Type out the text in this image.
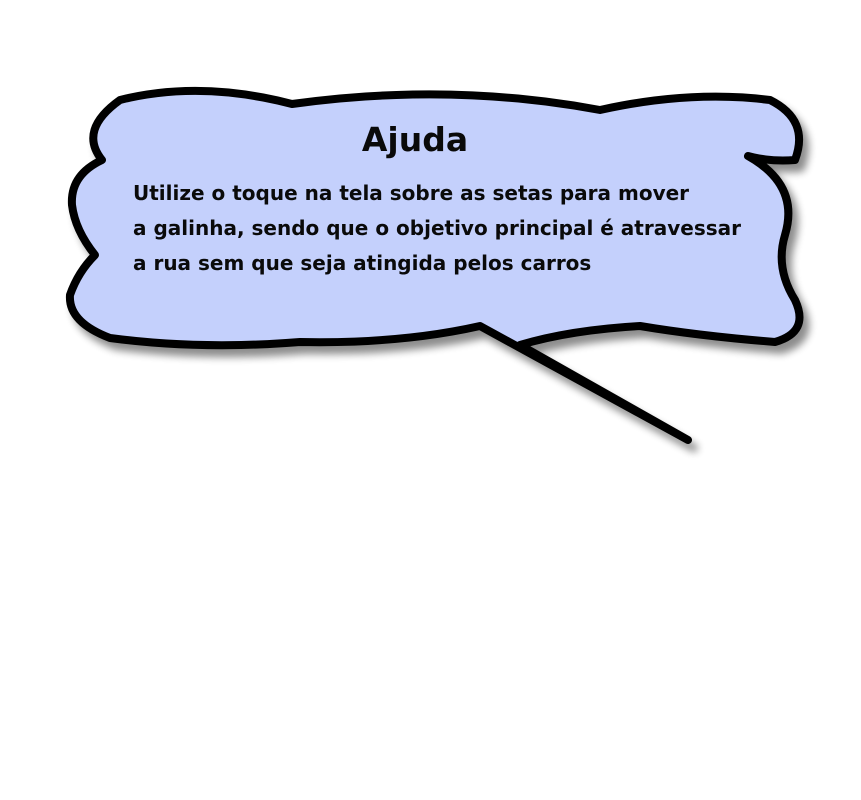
Ajuda

Utilize o toque na tela sobre as setas para mover
a galinha, sendo que o objetivo principal é atravessar
a rua sem que seja atingida pelos carros
